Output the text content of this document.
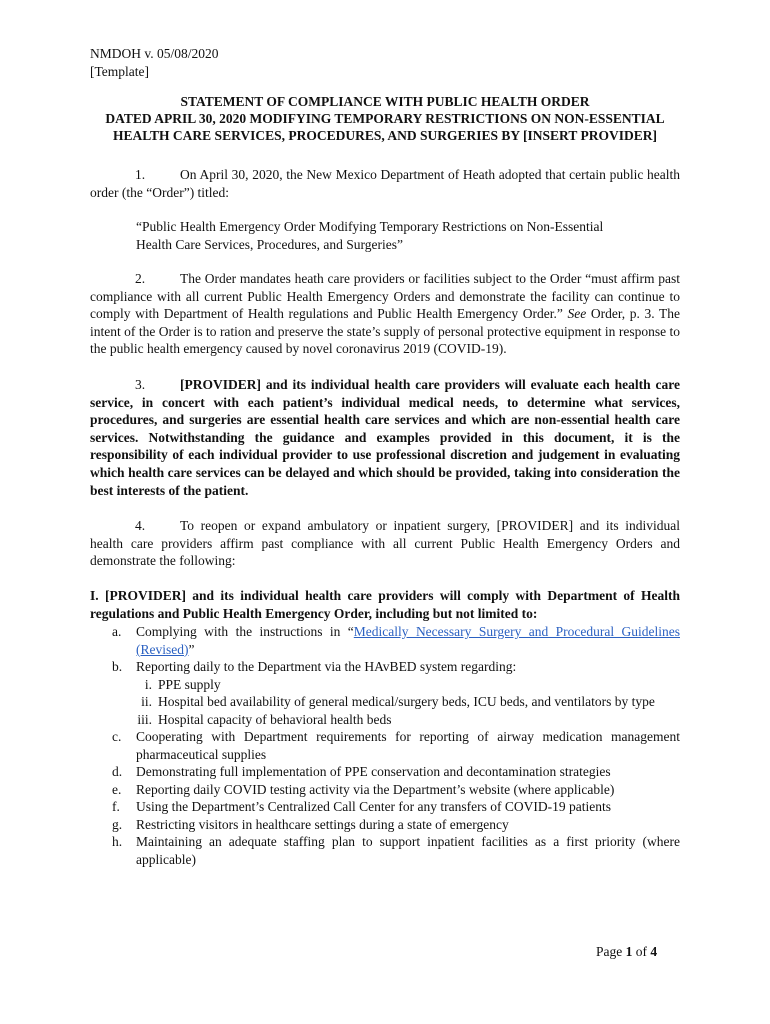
NMDOH v. 05/08/2020
[Template]
STATEMENT OF COMPLIANCE WITH PUBLIC HEALTH ORDER
DATED APRIL 30, 2020 MODIFYING TEMPORARY RESTRICTIONS ON NON-ESSENTIAL
HEALTH CARE SERVICES, PROCEDURES, AND SURGERIES BY [INSERT PROVIDER]
1.	On April 30, 2020, the New Mexico Department of Heath adopted that certain public health order (the “Order”) titled:
“Public Health Emergency Order Modifying Temporary Restrictions on Non-Essential
Health Care Services, Procedures, and Surgeries”
2.	The Order mandates heath care providers or facilities subject to the Order “must affirm past compliance with all current Public Health Emergency Orders and demonstrate the facility can continue to comply with Department of Health regulations and Public Health Emergency Order.” See Order, p. 3. The intent of the Order is to ration and preserve the state’s supply of personal protective equipment in response to the public health emergency caused by novel coronavirus 2019 (COVID-19).
3.	[PROVIDER] and its individual health care providers will evaluate each health care service, in concert with each patient’s individual medical needs, to determine what services, procedures, and surgeries are essential health care services and which are non-essential health care services. Notwithstanding the guidance and examples provided in this document, it is the responsibility of each individual provider to use professional discretion and judgement in evaluating which health care services can be delayed and which should be provided, taking into consideration the best interests of the patient.
4.	To reopen or expand ambulatory or inpatient surgery, [PROVIDER] and its individual health care providers affirm past compliance with all current Public Health Emergency Orders and demonstrate the following:
I. [PROVIDER] and its individual health care providers will comply with Department of Health regulations and Public Health Emergency Order, including but not limited to:
a.	Complying with the instructions in “Medically Necessary Surgery and Procedural Guidelines (Revised)”
b.	Reporting daily to the Department via the HAvBED system regarding:
i. PPE supply
ii. Hospital bed availability of general medical/surgery beds, ICU beds, and ventilators by type
iii. Hospital capacity of behavioral health beds
c.	Cooperating with Department requirements for reporting of airway medication management pharmaceutical supplies
d.	Demonstrating full implementation of PPE conservation and decontamination strategies
e.	Reporting daily COVID testing activity via the Department’s website (where applicable)
f.	Using the Department’s Centralized Call Center for any transfers of COVID-19 patients
g.	Restricting visitors in healthcare settings during a state of emergency
h.	Maintaining an adequate staffing plan to support inpatient facilities as a first priority (where applicable)
Page 1 of 4
